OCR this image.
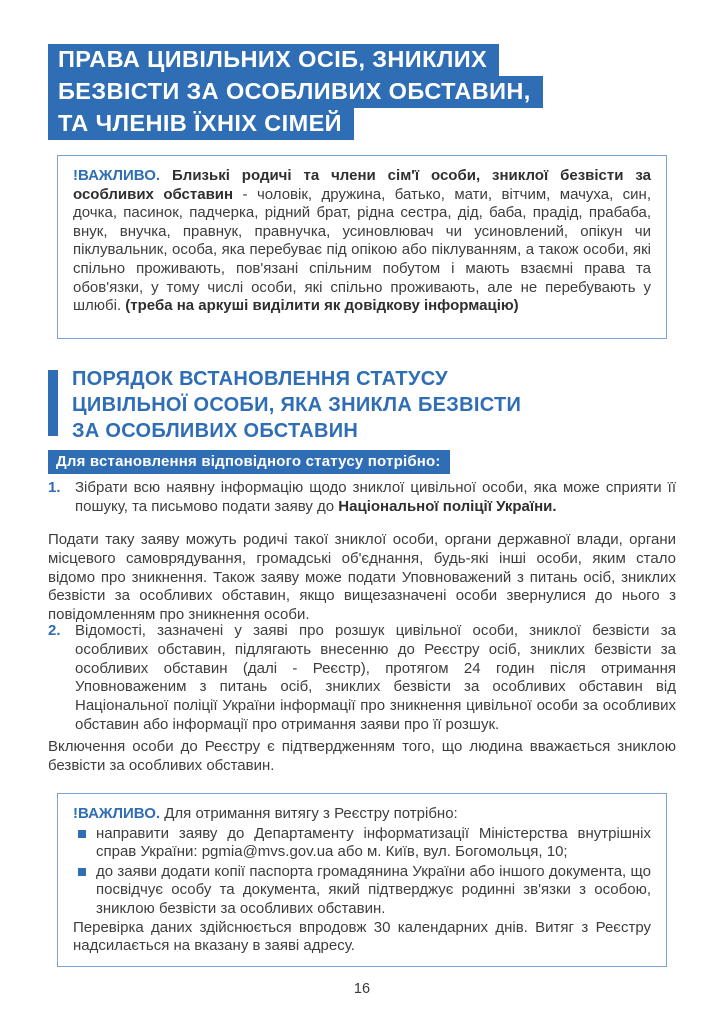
ПРАВА ЦИВІЛЬНИХ ОСІБ, ЗНИКЛИХ
БЕЗВІСТИ ЗА ОСОБЛИВИХ ОБСТАВИН,
ТА ЧЛЕНІВ ЇХНІХ СІМЕЙ
!ВАЖЛИВО. Близькі родичі та члени сім'ї особи, зниклої безвісти за особливих обставин - чоловік, дружина, батько, мати, вітчим, мачуха, син, дочка, пасинок, падчерка, рідний брат, рідна сестра, дід, баба, прадід, прабаба, внук, внучка, правнук, правнучка, усиновлювач чи усиновлений, опікун чи піклувальник, особа, яка перебуває під опікою або піклуванням, а також особи, які спільно проживають, пов'язані спільним побутом і мають взаємні права та обов'язки, у тому числі особи, які спільно проживають, але не перебувають у шлюбі. (треба на аркуші виділити як довідкову інформацію)
ПОРЯДОК ВСТАНОВЛЕННЯ СТАТУСУ
ЦИВІЛЬНОЇ ОСОБИ, ЯКА ЗНИКЛА БЕЗВІСТИ
ЗА ОСОБЛИВИХ ОБСТАВИН
Для встановлення відповідного статусу потрібно:
1. Зібрати всю наявну інформацію щодо зниклої цивільної особи, яка може сприяти її пошуку, та письмово подати заяву до Національної поліції України.
Подати таку заяву можуть родичі такої зниклої особи, органи державної влади, органи місцевого самоврядування, громадські об'єднання, будь-які інші особи, яким стало відомо про зникнення. Також заяву може подати Уповноважений з питань осіб, зниклих безвісти за особливих обставин, якщо вищезазначені особи звернулися до нього з повідомленням про зникнення особи.
2. Відомості, зазначені у заяві про розшук цивільної особи, зниклої безвісти за особливих обставин, підлягають внесенню до Реєстру осіб, зниклих безвісти за особливих обставин (далі - Реєстр), протягом 24 годин після отримання Уповноваженим з питань осіб, зниклих безвісти за особливих обставин від Національної поліції України інформації про зникнення цивільної особи за особливих обставин або інформації про отримання заяви про її розшук.
Включення особи до Реєстру є підтвердженням того, що людина вважається зниклою безвісти за особливих обставин.
!ВАЖЛИВО. Для отримання витягу з Реєстру потрібно:
направити заяву до Департаменту інформатизації Міністерства внутрішніх справ України: pgmia@mvs.gov.ua або м. Київ, вул. Богомольця, 10;
до заяви додати копії паспорта громадянина України або іншого документа, що посвідчує особу та документа, який підтверджує родинні зв'язки з особою, зниклою безвісти за особливих обставин.
Перевірка даних здійснюється впродовж 30 календарних днів. Витяг з Реєстру надсилається на вказану в заяві адресу.
16
